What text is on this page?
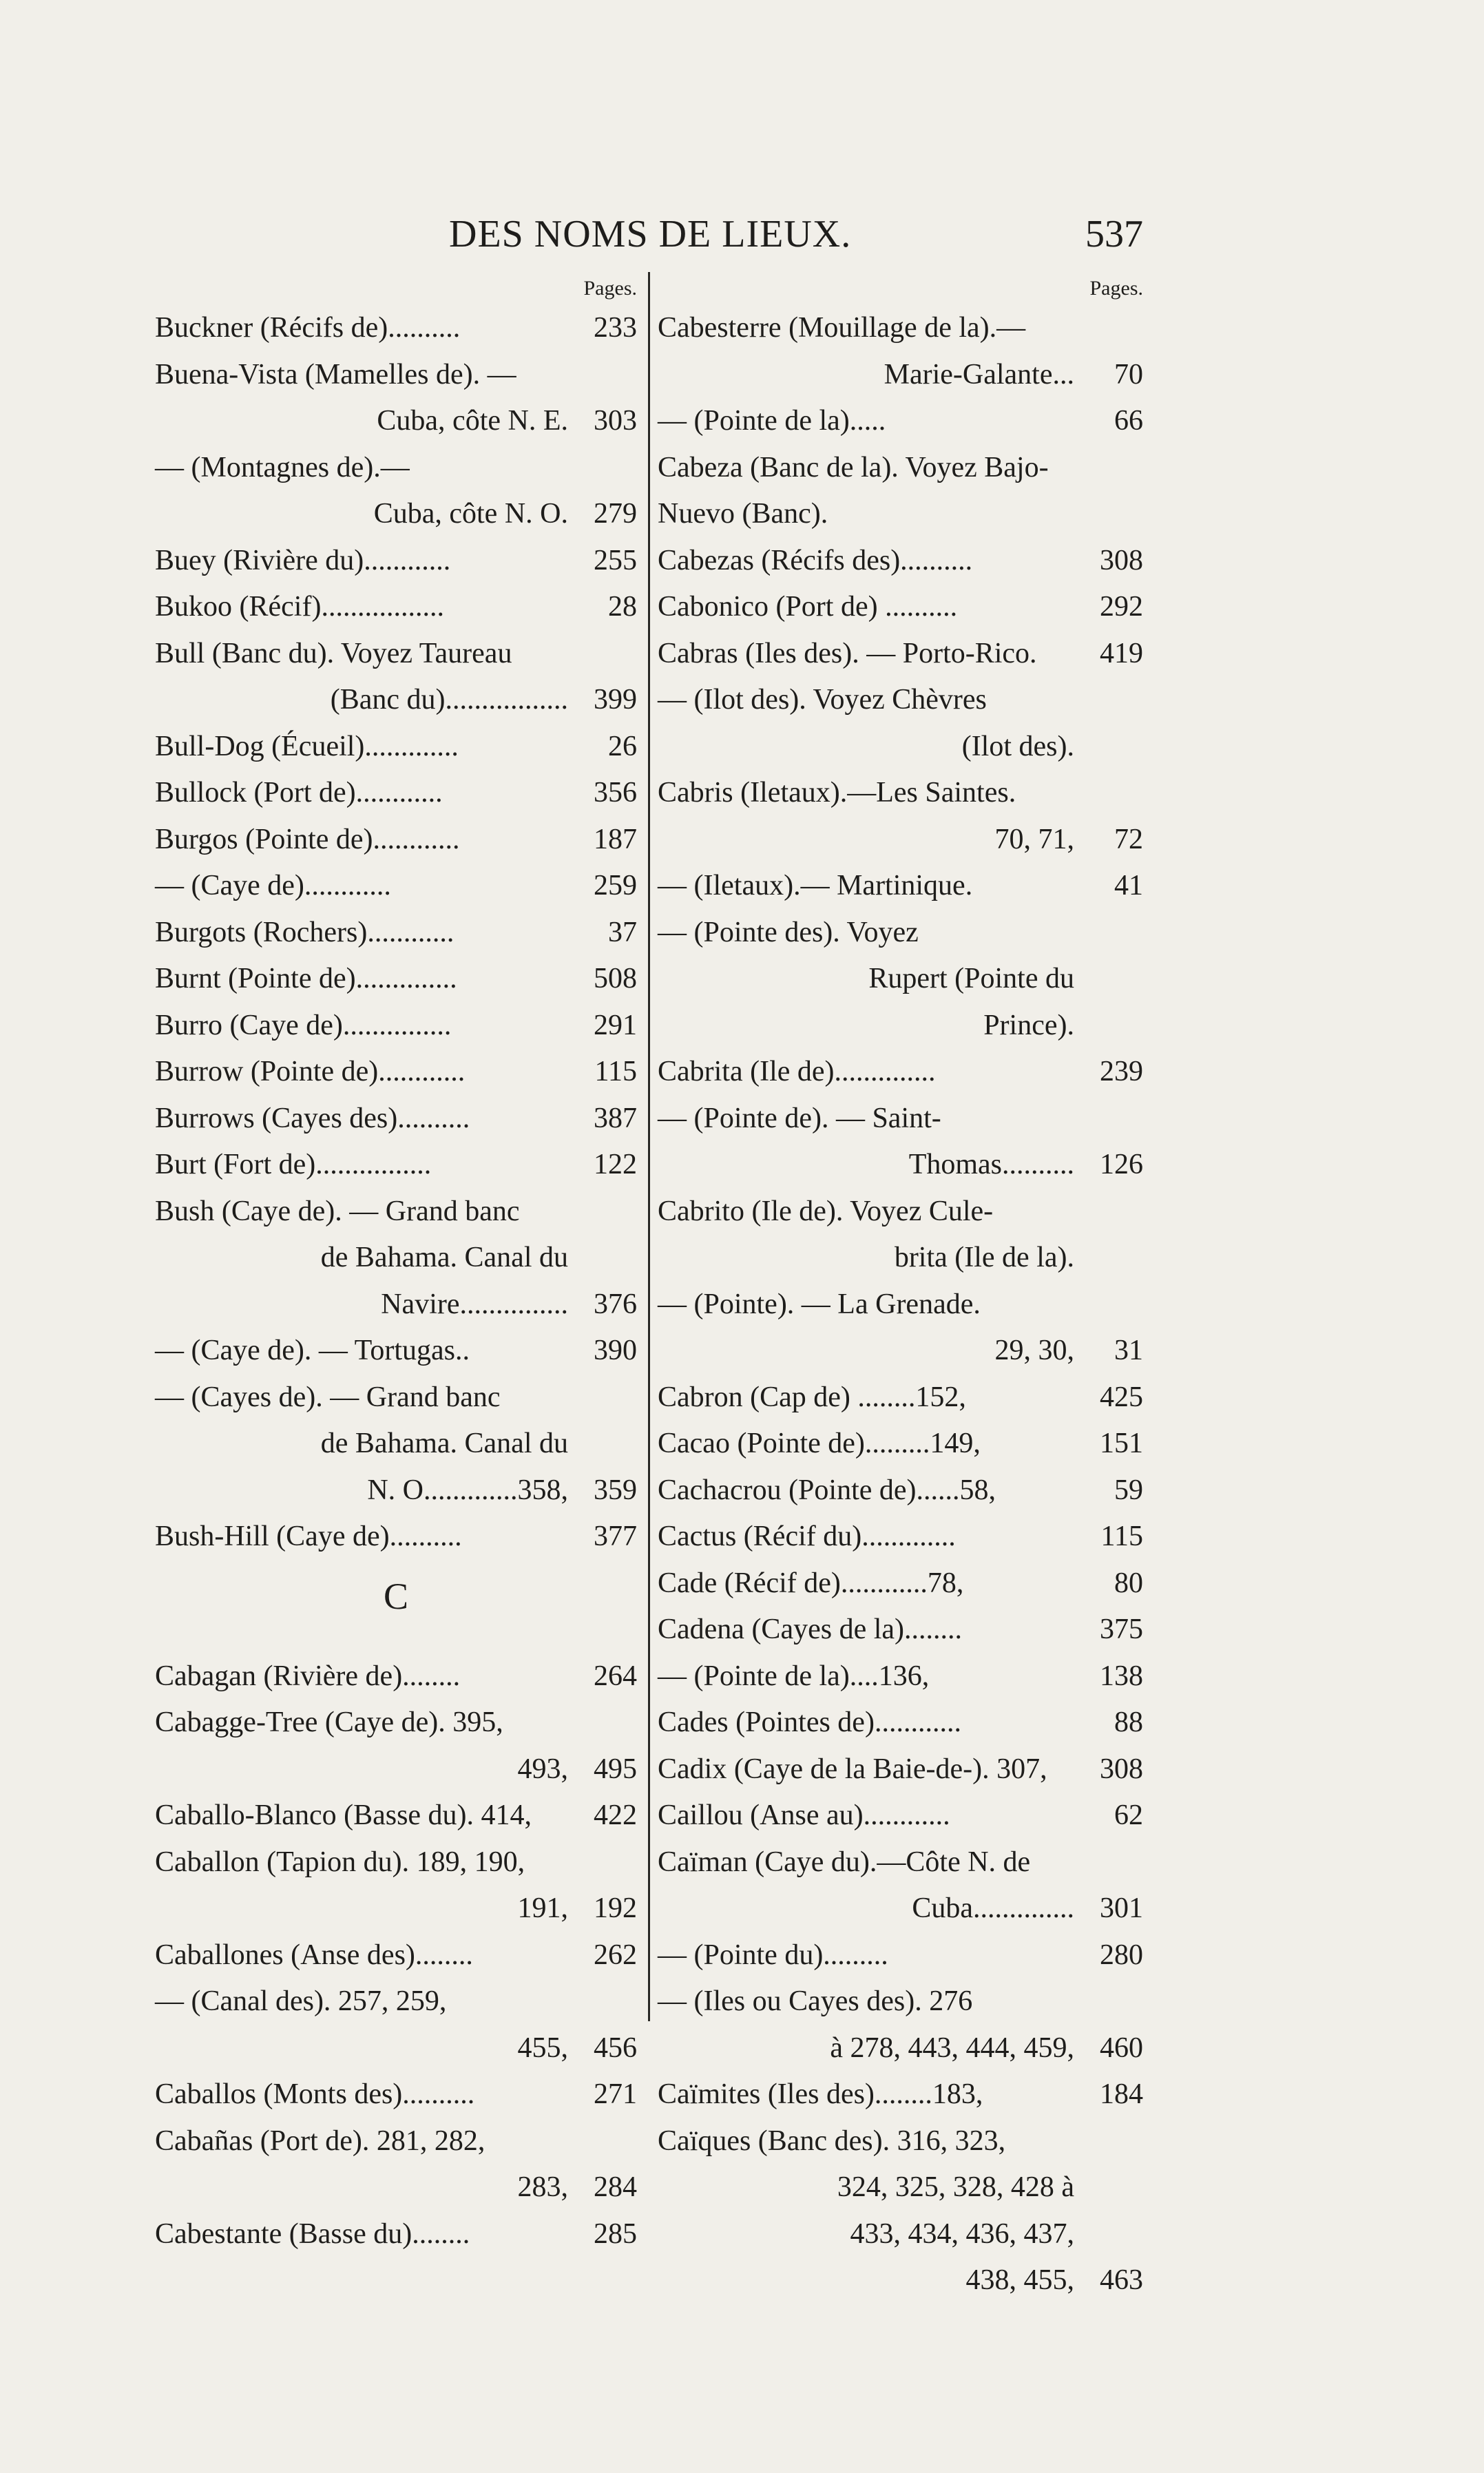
DES NOMS DE LIEUX.	537
Pages.
Buckner (Récifs de)..........	233
Buena-Vista (Mamelles de). —
Cuba, côte N. E. 303
— (Montagnes de).—
Cuba, côte N. O. 279
Buey (Rivière du)............	255
Bukoo (Récif).................	28
Bull (Banc du). Voyez Taureau
(Banc du)................. 399
Bull-Dog (Écueil).............	26
Bullock (Port de)............	356
Burgos (Pointe de)............	187
— (Caye de)............	259
Burgots (Rochers)............	37
Burnt (Pointe de)..............	508
Burro (Caye de)...............	291
Burrow (Pointe de)............	115
Burrows (Cayes des)..........	387
Burt (Fort de)................	122
Bush (Caye de). — Grand banc
de Bahama. Canal du
Navire............... 376
— (Caye de). — Tortugas..	390
— (Cayes de). — Grand banc
de Bahama. Canal du
N. O.............358, 359
Bush-Hill (Caye de)..........	377
C
Cabagan (Rivière de)........	264
Cabagge-Tree (Caye de). 395,
493, 495
Caballo-Blanco (Basse du). 414, 422
Caballon (Tapion du). 189, 190,
191, 192
Caballones (Anse des)........	262
— (Canal des). 257, 259,
455, 456
Caballos (Monts des)..........	271
Cabañas (Port de). 281, 282,
283, 284
Cabestante (Basse du)........	285
Pages.
Cabesterre (Mouillage de la).—
Marie-Galante... 70
— (Pointe de la).....	66
Cabeza (Banc de la). Voyez Bajo-
Nuevo (Banc).
Cabezas (Récifs des)..........	308
Cabonico (Port de) ..........	292
Cabras (Iles des). — Porto-Rico. 419
— (Ilot des). Voyez Chèvres
(Ilot des).
Cabris (Iletaux).—Les Saintes.
70, 71, 72
— (Iletaux).— Martinique.	41
— (Pointe des). Voyez
Rupert (Pointe du
Prince).
Cabrita (Ile de)..............	239
— (Pointe de). — Saint-
Thomas.......... 126
Cabrito (Ile de). Voyez Cule-
brita (Ile de la).
— (Pointe). — La Grenade.
29, 30, 31
Cabron (Cap de) ........152,	425
Cacao (Pointe de).........149,	151
Cachacrou (Pointe de)......58,	59
Cactus (Récif du).............	115
Cade (Récif de)............78,	80
Cadena (Cayes de la)........	375
— (Pointe de la)....136,	138
Cades (Pointes de)............	88
Cadix (Caye de la Baie-de-). 307, 308
Caillou (Anse au)............	62
Caïman (Caye du).—Côte N. de
Cuba.............. 301
— (Pointe du).........	280
— (Iles ou Cayes des). 276
à 278, 443, 444, 459, 460
Caïmites (Iles des)........183,	184
Caïques (Banc des). 316, 323,
324, 325, 328, 428 à
433, 434, 436, 437,
438, 455, 463
